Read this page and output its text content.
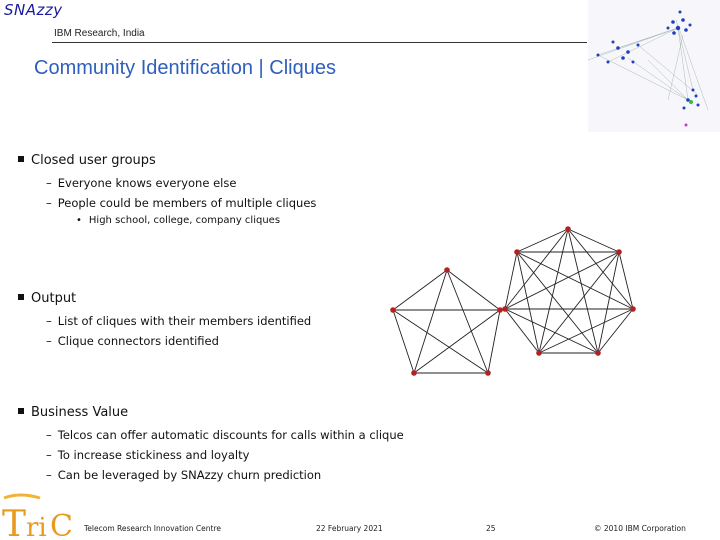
SNAzzy
IBM Research, India
Community Identification | Cliques
Closed user groups
– Everyone knows everyone else
– People could be members of multiple cliques
• High school, college, company cliques
Output
– List of cliques with their members identified
– Clique connectors identified
Business Value
– Telcos can offer automatic discounts for calls within a clique
– To increase stickiness and loyalty
– Can be leveraged by SNAzzy churn prediction
T ri C Telecom Research Innovation Centre	22 February 2021	25	© 2010 IBM Corporation
